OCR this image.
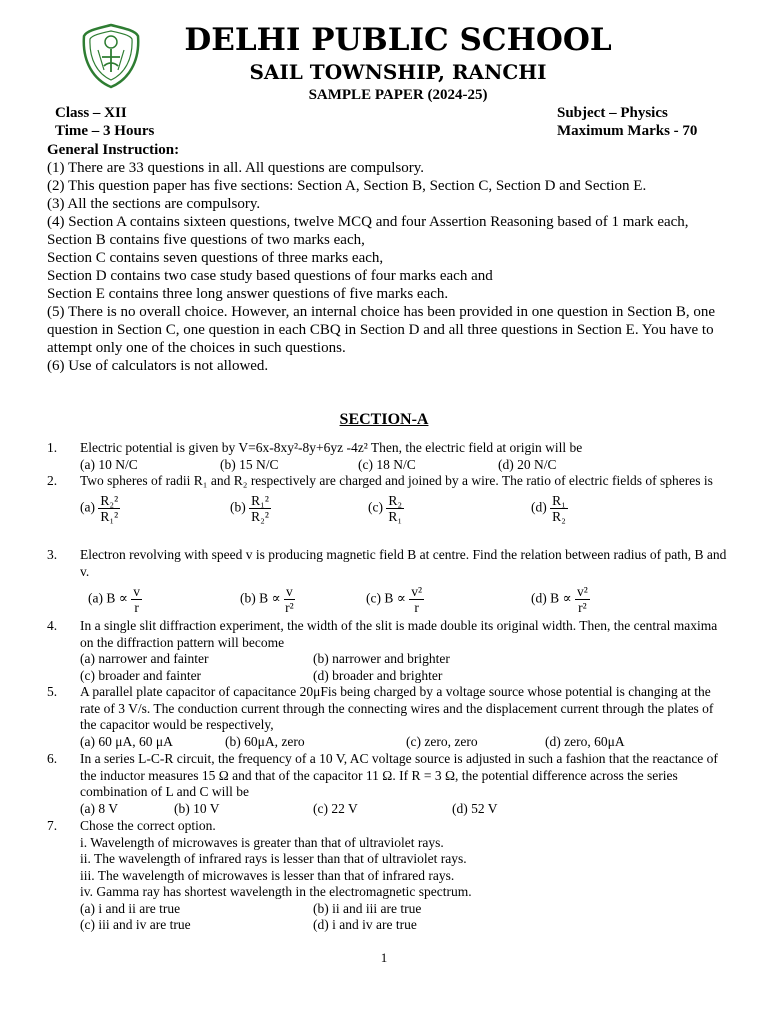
DELHI PUBLIC SCHOOL
SAIL TOWNSHIP, RANCHI
SAMPLE PAPER (2024-25)
Class – XII
Time – 3 Hours
Subject – Physics
Maximum Marks - 70

General Instruction:

(1) There are 33 questions in all. All questions are compulsory.

(2) This question paper has five sections: Section A, Section B, Section C, Section D and Section E.

(3) All the sections are compulsory.

(4) Section A contains sixteen questions, twelve MCQ and four Assertion Reasoning based of 1 mark each,

Section B contains five questions of two marks each,

Section C contains seven questions of three marks each,

Section D contains two case study based questions of four marks each and

Section E contains three long answer questions of five marks each.

(5) There is no overall choice. However, an internal choice has been provided in one question in Section B, one question in Section C, one question in each CBQ in Section D and all three questions in Section E. You have to attempt only one of the choices in such questions.

(6) Use of calculators is not allowed.

SECTION-A
1. Electric potential is given by V=6x-8xy²-8y+6yz -4z² Then, the electric field at origin will be
(a) 10 N/C	(b) 15 N/C	(c) 18 N/C	(d) 20 N/C
2. Two spheres of radii R₁ and R₂ respectively are charged and joined by a wire. The ratio of electric fields of spheres is
$(a) \frac{\text{R₂²}}{\text{R₁²}}$	$(b) \frac{\text{R₁²}}{\text{R₂²}}$	$(c) \frac{\text{R₂}}{\text{R₁}}$	$(d) \frac{\text{R₁}}{\text{R₂}}$
3. Electron revolving with speed v is producing magnetic field B at centre. Find the relation between radius of path, B and v.
(a) $B \propto \frac{v}{r}$	(b) $B \propto \frac{v}{\text{r²}}$	(c) $B \propto \frac{\text{v²}}{r}$	(d) $B \propto \frac{\text{v²}}{\text{r²}}$
4. In a single slit diffraction experiment, the width of the slit is made double its original width. Then, the central maxima on the diffraction pattern will become
(a) narrower and fainter	(b) narrower and brighter
(c) broader and fainter	(d) broader and brighter
5. A parallel plate capacitor of capacitance 20μFis being charged by a voltage source whose potential is changing at the rate of 3 V/s. The conduction current through the connecting wires and the displacement current through the plates of the capacitor would be respectively,
(a) 60 μA, 60 μA	(b) 60μA, zero	(c) zero, zero	(d) zero, 60μA
6. In a series L-C-R circuit, the frequency of a 10 V, AC voltage source is adjusted in such a fashion that the reactance of the inductor measures 15 Ω and that of the capacitor 11 Ω. If R = 3 Ω, the potential difference across the series combination of L and C will be
(a) 8 V	(b) 10 V	(c) 22 V	(d) 52 V
7. Chose the correct option.
i. Wavelength of microwaves is greater than that of ultraviolet rays.
ii. The wavelength of infrared rays is lesser than that of ultraviolet rays.
iii. The wavelength of microwaves is lesser than that of infrared rays.
iv. Gamma ray has shortest wavelength in the electromagnetic spectrum.
(a) i and ii are true	(b) ii and iii are true
(c) iii and iv are true	(d) i and iv are true
1
